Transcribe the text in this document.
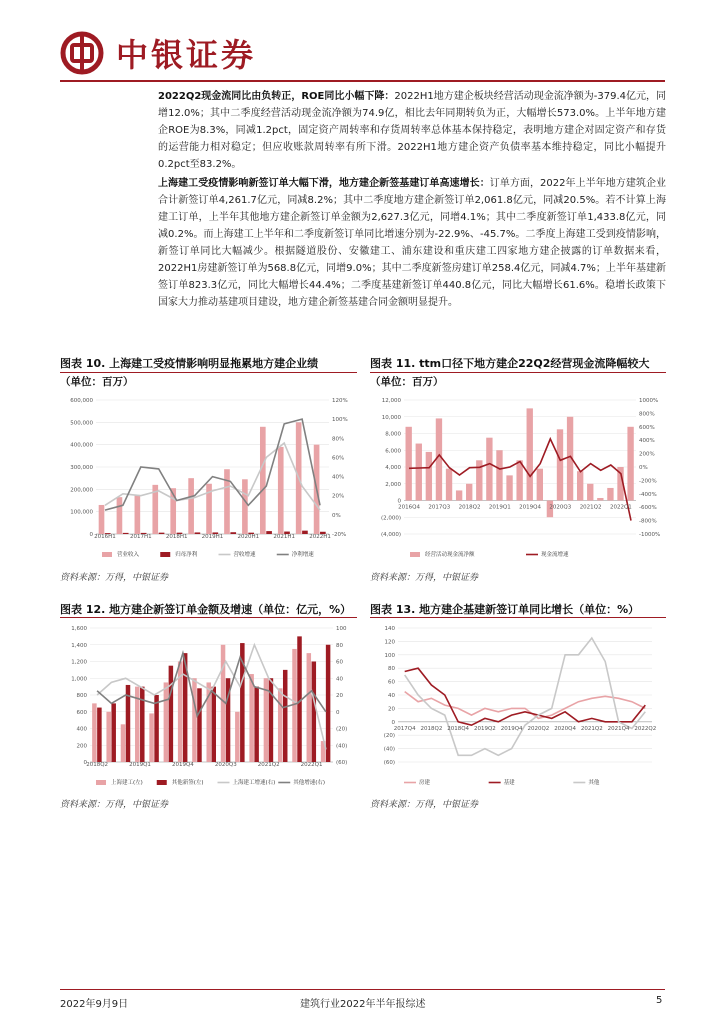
中银证券

2022Q2现金流同比由负转正，ROE同比小幅下降：2022H1地方建企板块经营活动现金流净额为-379.4亿元，同增12.0%；其中二季度经营活动现金流净额为74.9亿，相比去年同期转负为正，大幅增长573.0%。上半年地方建企ROE为8.3%，同减1.2pct，固定资产周转率和存货周转率总体基本保持稳定，表明地方建企对固定资产和存货的运营能力相对稳定；但应收账款周转率有所下滑。2022H1地方建企资产负债率基本维持稳定，同比小幅提升0.2pct至83.2%。

上海建工受疫情影响新签订单大幅下滑，地方建企新签基建订单高速增长：订单方面，2022年上半年地方建筑企业合计新签订单4,261.7亿元，同减8.2%；其中二季度地方建企新签订单2,061.8亿元，同减20.5%。若不计算上海建工订单，上半年其他地方建企新签订单金额为2,627.3亿元，同增4.1%；其中二季度新签订单1,433.8亿元，同减0.2%。而上海建工上半年和二季度新签订单同比增速分别为-22.9%、-45.7%。二季度上海建工受到疫情影响，新签订单同比大幅减少。根据隧道股份、安徽建工、浦东建设和重庆建工四家地方建企披露的订单数据来看，2022H1房建新签订单为568.8亿元，同增9.0%；其中二季度新签房建订单258.4亿元，同减4.7%；上半年基建新签订单823.3亿元，同比大幅增长44.4%；二季度基建新签订单440.8亿元，同比大幅增长61.6%。稳增长政策下国家大力推动基建项目建设，地方建企新签基建合同金额明显提升。

图表 10. 上海建工受疫情影响明显拖累地方建企业绩
（单位：百万）
600,000
500,000
400,000
300,000
200,000
100,000
0
120%
100%
80%
60%
40%
20%
0%
-20%
2016H1	2017H1	2018H1	2019H1	2020H1	2021H1	2022H1
营业收入	归母净利	营收增速	净利增速
资料来源：万得，中银证券
图表 11. ttm口径下地方建企22Q2经营现金流降幅较大
（单位：百万）
12,000
10,000
8,000
6,000
4,000
2,000
0
(2,000)
(4,000)
1000%
800%
600%
400%
200%
0%
-200%
-400%
-600%
-800%
-1000%
2016Q4 2017Q3 2018Q2 2019Q1 2019Q4 2020Q3 2021Q2 2022Q1
经营活动现金流净额	现金流增速
资料来源：万得，中银证券
图表 12. 地方建企新签订单金额及增速（单位：亿元，%）
1,600
1,400
1,200
1,000
800
600
400
200
0
100
80
60
40
20
0
(20)
(40)
(60)
2018Q2	2019Q1	2019Q4	2020Q3	2021Q2	2022Q1
上海建工(左)	其他新签(左)	上海建工增速(右)	其他增速(右)
资料来源：万得，中银证券
图表 13. 地方建企基建新签订单同比增长（单位：%）
140
120
100
80
60
40
20
0
(20)
(40)
(60)
2017Q4 2018Q2 2018Q4 2019Q2 2019Q4 2020Q2 2020Q4 2021Q2 2021Q4 2022Q2
房建	基建	其他
资料来源：万得，中银证券
2022年9月9日	建筑行业2022年半年报综述	5
